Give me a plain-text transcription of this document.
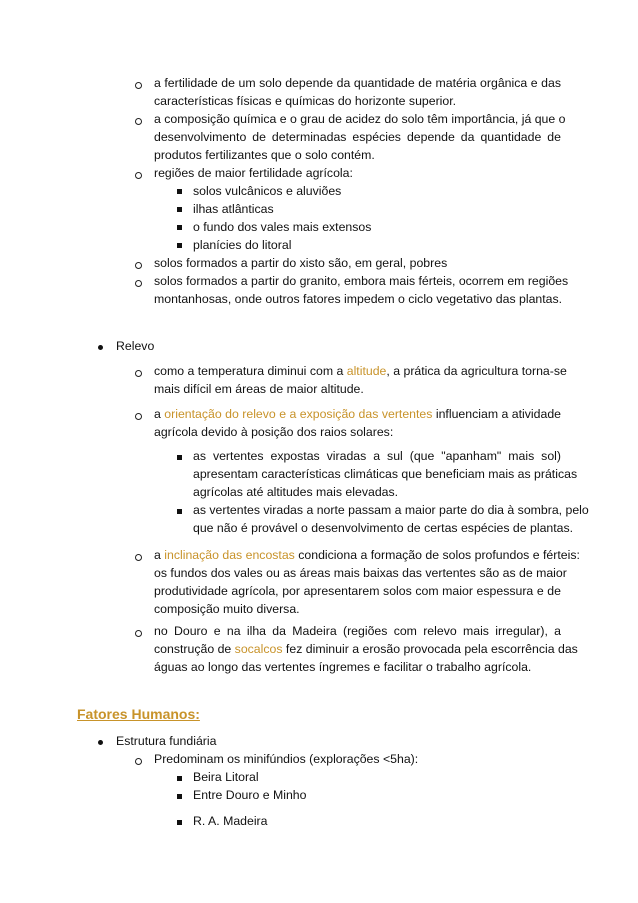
a fertilidade de um solo depende da quantidade de matéria orgânica e das
características físicas e químicas do horizonte superior.
a composição química e o grau de acidez do solo têm importância, já que o
desenvolvimento de determinadas espécies depende da quantidade de
produtos fertilizantes que o solo contém.
regiões de maior fertilidade agrícola:
solos vulcânicos e aluviões
ilhas atlânticas
o fundo dos vales mais extensos
planícies do litoral
solos formados a partir do xisto são, em geral, pobres
solos formados a partir do granito, embora mais férteis, ocorrem em regiões
montanhosas, onde outros fatores impedem o ciclo vegetativo das plantas.
Relevo
como a temperatura diminui com a altitude, a prática da agricultura torna-se
mais difícil em áreas de maior altitude.
a orientação do relevo e a exposição das vertentes influenciam a atividade
agrícola devido à posição dos raios solares:
as vertentes expostas viradas a sul (que "apanham" mais sol)
apresentam características climáticas que beneficiam mais as práticas
agrícolas até altitudes mais elevadas.
as vertentes viradas a norte passam a maior parte do dia à sombra, pelo
que não é provável o desenvolvimento de certas espécies de plantas.
a inclinação das encostas condiciona a formação de solos profundos e férteis:
os fundos dos vales ou as áreas mais baixas das vertentes são as de maior
produtividade agrícola, por apresentarem solos com maior espessura e de
composição muito diversa.
no Douro e na ilha da Madeira (regiões com relevo mais irregular), a
construção de socalcos fez diminuir a erosão provocada pela escorrência das
águas ao longo das vertentes íngremes e facilitar o trabalho agrícola.
Fatores Humanos:
Estrutura fundiária
Predominam os minifúndios (explorações <5ha):
Beira Litoral
Entre Douro e Minho
R. A. Madeira
